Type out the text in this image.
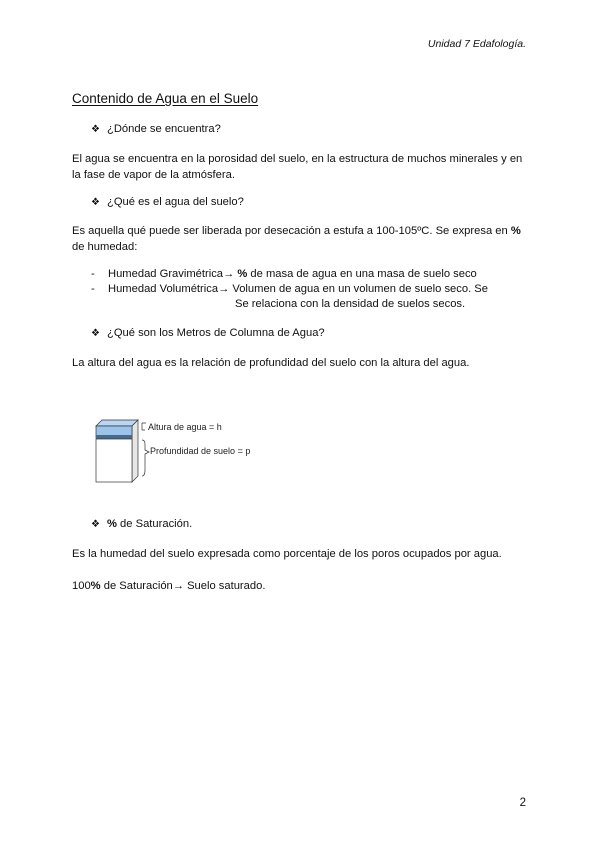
Unidad 7 Edafología.
Contenido de Agua en el Suelo
❖ ¿Dónde se encuentra?
El agua se encuentra en la porosidad del suelo, en la estructura de muchos minerales y en
la fase de vapor de la atmósfera.
❖ ¿Qué es el agua del suelo?
Es aquella qué puede ser liberada por desecación a estufa a 100-105ºC. Se expresa en %
de humedad:
- Humedad Gravimétrica→ % de masa de agua en una masa de suelo seco
- Humedad Volumétrica→ Volumen de agua en un volumen de suelo seco. Se
Se relaciona con la densidad de suelos secos.
❖ ¿Qué son los Metros de Columna de Agua?
La altura del agua es la relación de profundidad del suelo con la altura del agua.
Altura de agua = h
Profundidad de suelo = p
❖ % de Saturación.
Es la humedad del suelo expresada como porcentaje de los poros ocupados por agua.
100% de Saturación→ Suelo saturado.
2
